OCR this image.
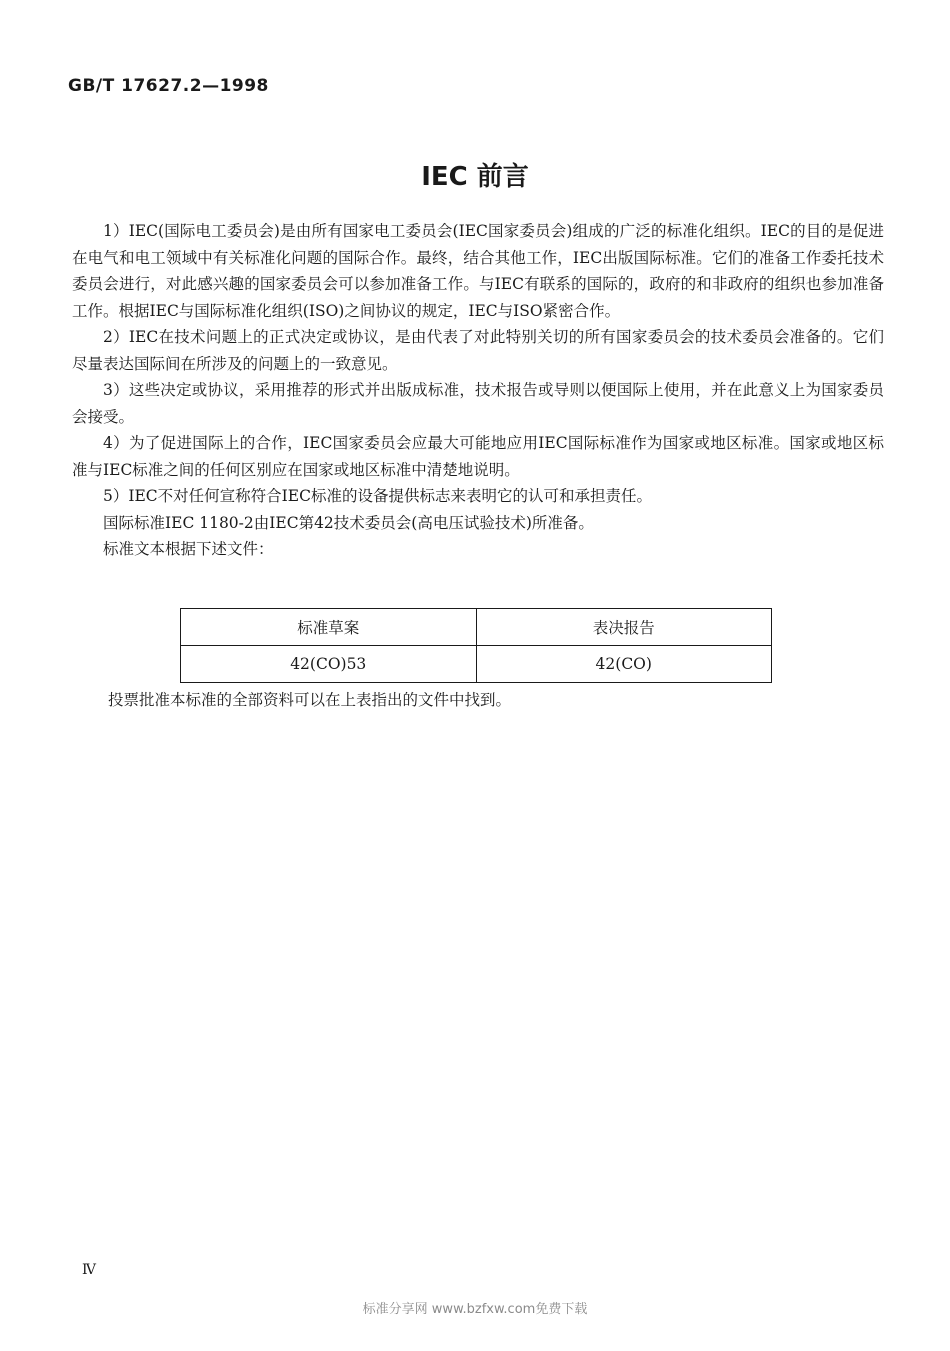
GB/T 17627.2—1998
IEC 前言

1）IEC(国际电工委员会)是由所有国家电工委员会(IEC国家委员会)组成的广泛的标准化组织。IEC的目的是促进在电气和电工领域中有关标准化问题的国际合作。最终，结合其他工作，IEC出版国际标准。它们的准备工作委托技术委员会进行，对此感兴趣的国家委员会可以参加准备工作。与IEC有联系的国际的，政府的和非政府的组织也参加准备工作。根据IEC与国际标准化组织(ISO)之间协议的规定，IEC与ISO紧密合作。

2）IEC在技术问题上的正式决定或协议，是由代表了对此特别关切的所有国家委员会的技术委员会准备的。它们尽量表达国际间在所涉及的问题上的一致意见。

3）这些决定或协议，采用推荐的形式并出版成标准，技术报告或导则以便国际上使用，并在此意义上为国家委员会接受。

4）为了促进国际上的合作，IEC国家委员会应最大可能地应用IEC国际标准作为国家或地区标准。国家或地区标准与IEC标准之间的任何区别应在国家或地区标准中清楚地说明。

5）IEC不对任何宣称符合IEC标准的设备提供标志来表明它的认可和承担责任。

国际标准IEC 1180-2由IEC第42技术委员会(高电压试验技术)所准备。

标准文本根据下述文件：

标准草案	表决报告
42(CO)53	42(CO)
投票批准本标准的全部资料可以在上表指出的文件中找到。
Ⅳ
标准分享网 www.bzfxw.com免费下载
